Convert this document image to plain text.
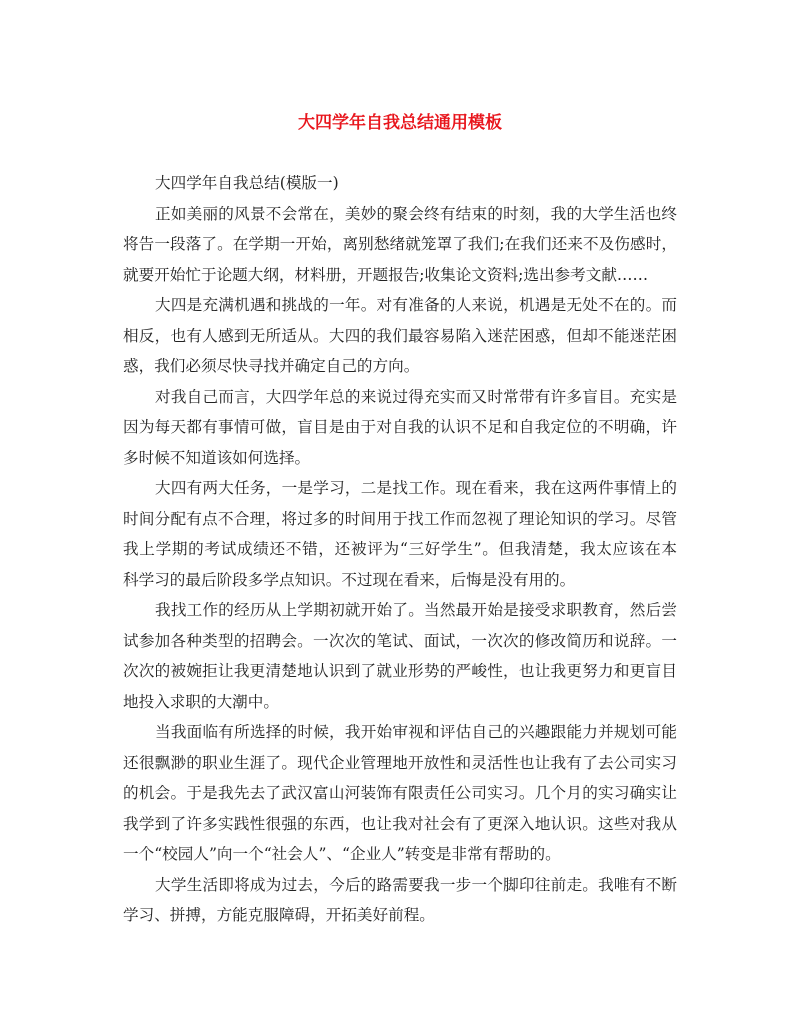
大四学年自我总结通用模板
大四学年自我总结(模版一)
正如美丽的风景不会常在，美妙的聚会终有结束的时刻，我的大学生活也终
将告一段落了。在学期一开始，离别愁绪就笼罩了我们;在我们还来不及伤感时，
就要开始忙于论题大纲，材料册，开题报告;收集论文资料;选出参考文献……
大四是充满机遇和挑战的一年。对有准备的人来说，机遇是无处不在的。而
相反，也有人感到无所适从。大四的我们最容易陷入迷茫困惑，但却不能迷茫困
惑，我们必须尽快寻找并确定自己的方向。
对我自己而言，大四学年总的来说过得充实而又时常带有许多盲目。充实是
因为每天都有事情可做，盲目是由于对自我的认识不足和自我定位的不明确，许
多时候不知道该如何选择。
大四有两大任务，一是学习，二是找工作。现在看来，我在这两件事情上的
时间分配有点不合理，将过多的时间用于找工作而忽视了理论知识的学习。尽管
我上学期的考试成绩还不错，还被评为“三好学生”。但我清楚，我太应该在本
科学习的最后阶段多学点知识。不过现在看来，后悔是没有用的。
我找工作的经历从上学期初就开始了。当然最开始是接受求职教育，然后尝
试参加各种类型的招聘会。一次次的笔试、面试，一次次的修改简历和说辞。一
次次的被婉拒让我更清楚地认识到了就业形势的严峻性，也让我更努力和更盲目
地投入求职的大潮中。
当我面临有所选择的时候，我开始审视和评估自己的兴趣跟能力并规划可能
还很飘渺的职业生涯了。现代企业管理地开放性和灵活性也让我有了去公司实习
的机会。于是我先去了武汉富山河装饰有限责任公司实习。几个月的实习确实让
我学到了许多实践性很强的东西，也让我对社会有了更深入地认识。这些对我从
一个“校园人”向一个“社会人”、“企业人”转变是非常有帮助的。
大学生活即将成为过去，今后的路需要我一步一个脚印往前走。我唯有不断
学习、拼搏，方能克服障碍，开拓美好前程。
